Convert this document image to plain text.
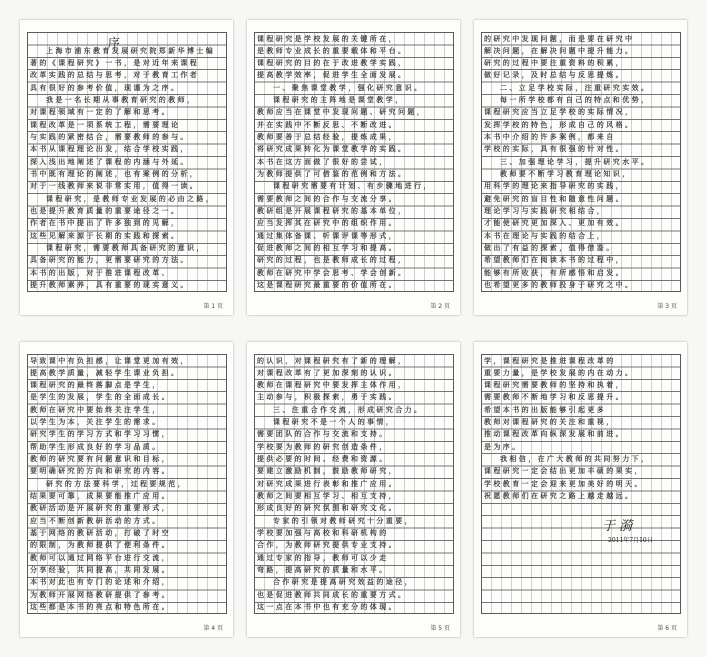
序
上海市浦东教育发展研究院郑新华博士编
著的《课程研究》一书，是对近年来课程
改革实践的总结与思考，对于教育工作者
具有很好的参考价值，现谨为之序。
我是一名长期从事教育研究的教师，
对课程领域有一定的了解和思考。
课程改革是一项系统工程，需要理论
与实践的紧密结合，需要教师的参与。
本书从课程理论出发，结合学校实践，
深入浅出地阐述了课程的内涵与外延。
书中既有理论的阐述，也有案例的分析，
对于一线教师来说非常实用，值得一读。
课程研究，是教师专业发展的必由之路，
也是提升教育质量的重要途径之一。
作者在书中提出了许多独到的见解，
这些见解来源于长期的实践和探索。
课程研究，需要教师具备研究的意识，
具备研究的能力，更需要研究的方法。
本书的出版，对于推进课程改革、
提升教师素养，具有重要的现实意义。
第 1 页
课程研究是学校发展的关键所在，
是教师专业成长的重要载体和平台。
课程研究的目的在于改进教学实践，
提高教学效率，促进学生全面发展。
一、聚焦课堂教学，强化研究意识。
课程研究的主阵地是课堂教学，
教师应当在课堂中发现问题、研究问题，
并在实践中不断反思、不断改进。
教师要善于总结经验，提炼成果，
将研究成果转化为课堂教学的实践。
本书在这方面做了很好的尝试，
为教师提供了可借鉴的范例和方法。
课程研究需要有计划、有步骤地进行，
需要教师之间的合作与交流分享。
教研组是开展课程研究的基本单位，
应当发挥其在研究中的组织作用。
通过集体备课、听课评课等形式，
促进教师之间的相互学习和提高。
研究的过程，也是教师成长的过程，
教师在研究中学会思考、学会创新。
这是课程研究最重要的价值所在。
第 2 页
的研究中发现问题，而是要在研究中
解决问题，在解决问题中提升能力。
研究的过程中要注重资料的积累，
做好记录，及时总结与反思提炼。
二、立足学校实际，注重研究实效。
每一所学校都有自己的特点和优势，
课程研究应当立足学校的实际情况，
发挥学校的特色，形成自己的风格。
本书中介绍的许多案例，都来自
学校的实际，具有很强的针对性。
三、加强理论学习，提升研究水平。
教师要不断学习教育理论知识，
用科学的理论来指导研究的实践，
避免研究的盲目性和随意性问题。
理论学习与实践研究相结合，
才能使研究更加深入、更加有效。
本书在理论与实践的结合上，
做出了有益的探索，值得借鉴。
希望教师们在阅读本书的过程中，
能够有所收获，有所感悟和启发。
也希望更多的教师投身于研究之中。
第 3 页
导致课中有负担感，让课堂更加有效，
提高教学质量，减轻学生课业负担。
课程研究的最终落脚点是学生，
是学生的发展，学生的全面成长。
教师在研究中要始终关注学生，
以学生为本，关注学生的需求。
研究学生的学习方式和学习习惯，
帮助学生形成良好的学习品质。
教师的研究要有问题意识和目标，
要明确研究的方向和研究的内容。
研究的方法要科学，过程要规范，
结果要可靠，成果要能推广应用。
教研活动是开展研究的重要形式，
应当不断创新教研活动的方式。
基于网络的教研活动，打破了时空
的限制，为教师提供了便利条件。
教师可以通过网络平台进行交流，
分享经验，共同提高，共同发展。
本书对此也有专门的论述和介绍，
为教师开展网络教研提供了参考。
这些都是本书的亮点和特色所在。
第 4 页
的认识，对课程研究有了新的理解，
对课程改革有了更加深刻的认识。
教师在课程研究中要发挥主体作用，
主动参与，积极探索，勇于实践。
三、注重合作交流，形成研究合力。
课程研究不是一个人的事情，
需要团队的合作与交流和支持。
学校要为教师的研究创造条件，
提供必要的时间、经费和资源。
要建立激励机制，鼓励教师研究，
对研究成果进行表彰和推广应用。
教师之间要相互学习、相互支持，
形成良好的研究氛围和研究文化。
专家的引领对教师研究十分重要，
学校要加强与高校和科研机构的
合作，为教师研究提供专业支持。
通过专家的指导，教师可以少走
弯路，提高研究的质量和水平。
合作研究是提高研究效益的途径，
也是促进教师共同成长的重要方式。
这一点在本书中也有充分的体现。
第 5 页
学，课程研究是推进课程改革的
重要力量，是学校发展的内在动力。
课程研究需要教师的坚持和执着，
需要教师不断地学习和反思提升。
希望本书的出版能够引起更多
教师对课程研究的关注和重视，
推动课程改革向纵深发展和前进。
是为序。
我相信，在广大教师的共同努力下，
课程研究一定会结出更加丰硕的果实，
学校教育一定会迎来更加美好的明天。
祝愿教师们在研究之路上越走越远。
于 漪
2011年7月10日
第 6 页
